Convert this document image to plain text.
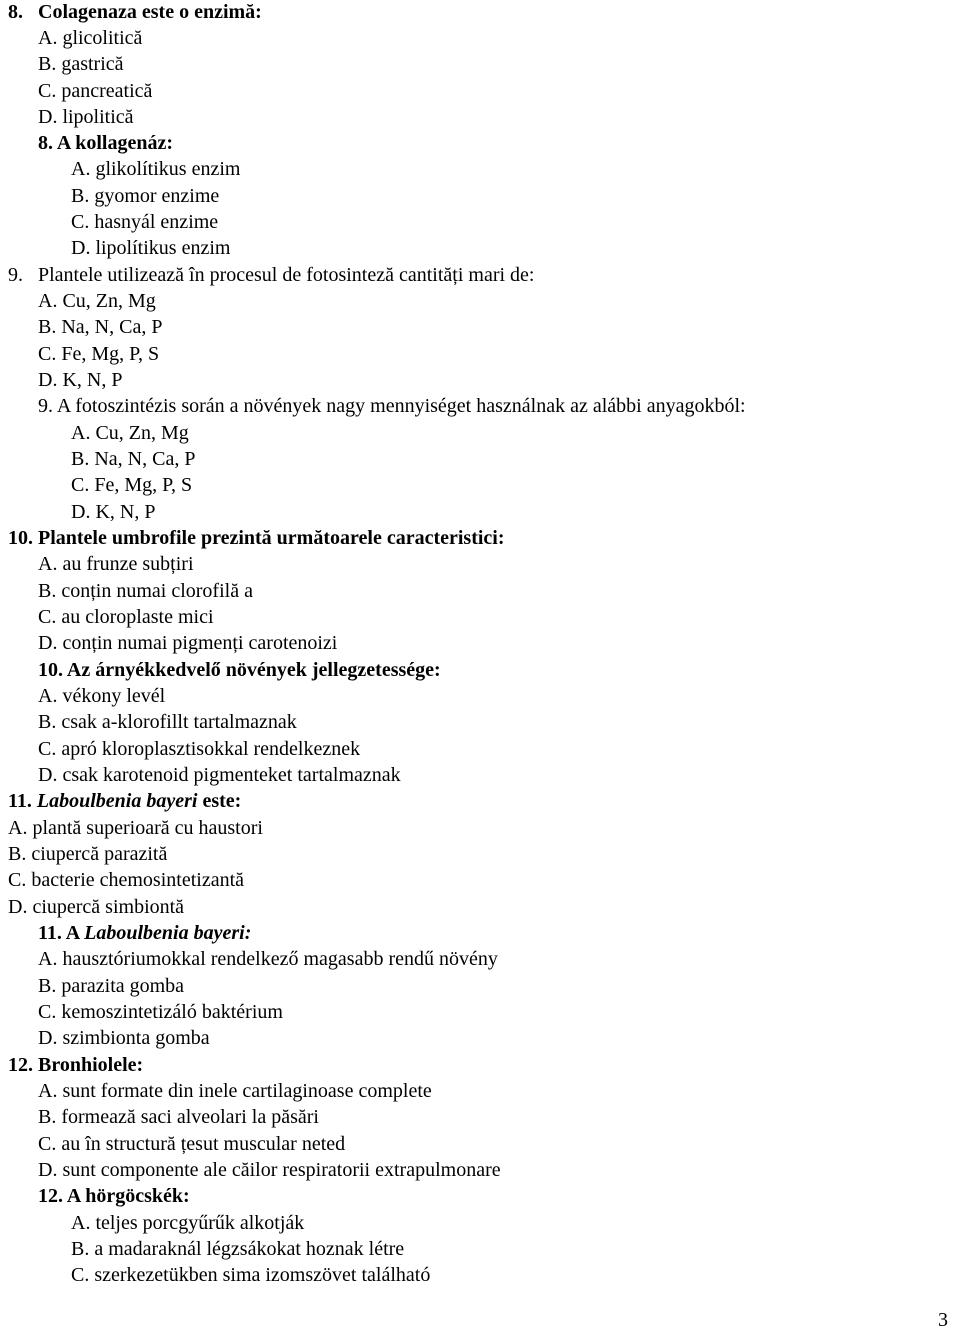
8. Colagenaza este o enzimă:
A. glicolitică
B. gastrică
C. pancreatică
D. lipolitică
8. A kollagenáz:
A. glikolítikus enzim
B. gyomor enzime
C. hasnyál enzime
D. lipolítikus enzim
9. Plantele utilizează în procesul de fotosinteză cantități mari de:
A. Cu, Zn, Mg
B. Na, N, Ca, P
C. Fe, Mg, P, S
D. K, N, P
9. A fotoszintézis során a növények nagy mennyiséget használnak az alábbi anyagokból:
A. Cu, Zn, Mg
B. Na, N, Ca, P
C. Fe, Mg, P, S
D. K, N, P
10. Plantele umbrofile prezintă următoarele caracteristici:
A. au frunze subțiri
B. conțin numai clorofilă a
C. au cloroplaste mici
D. conțin numai pigmenți carotenoizi
10. Az árnyékkedvelő növények jellegzetessége:
A. vékony levél
B. csak a-klorofillt tartalmaznak
C. apró kloroplasztisokkal rendelkeznek
D. csak karotenoid pigmenteket tartalmaznak
11. Laboulbenia bayeri este:
A. plantă superioară cu haustori
B. ciupercă parazită
C. bacterie chemosintetizantă
D. ciupercă simbiontă
11. A Laboulbenia bayeri:
A. hausztóriumokkal rendelkező magasabb rendű növény
B. parazita gomba
C. kemoszintetizáló baktérium
D. szimbionta gomba
12. Bronhiolele:
A. sunt formate din inele cartilaginoase complete
B. formează saci alveolari la păsări
C. au în structură țesut muscular neted
D. sunt componente ale căilor respiratorii extrapulmonare
12. A hörgöcskék:
A. teljes porcgyűrűk alkotják
B. a madaraknál légzsákokat hoznak létre
C. szerkezetükben sima izomszövet található
3
